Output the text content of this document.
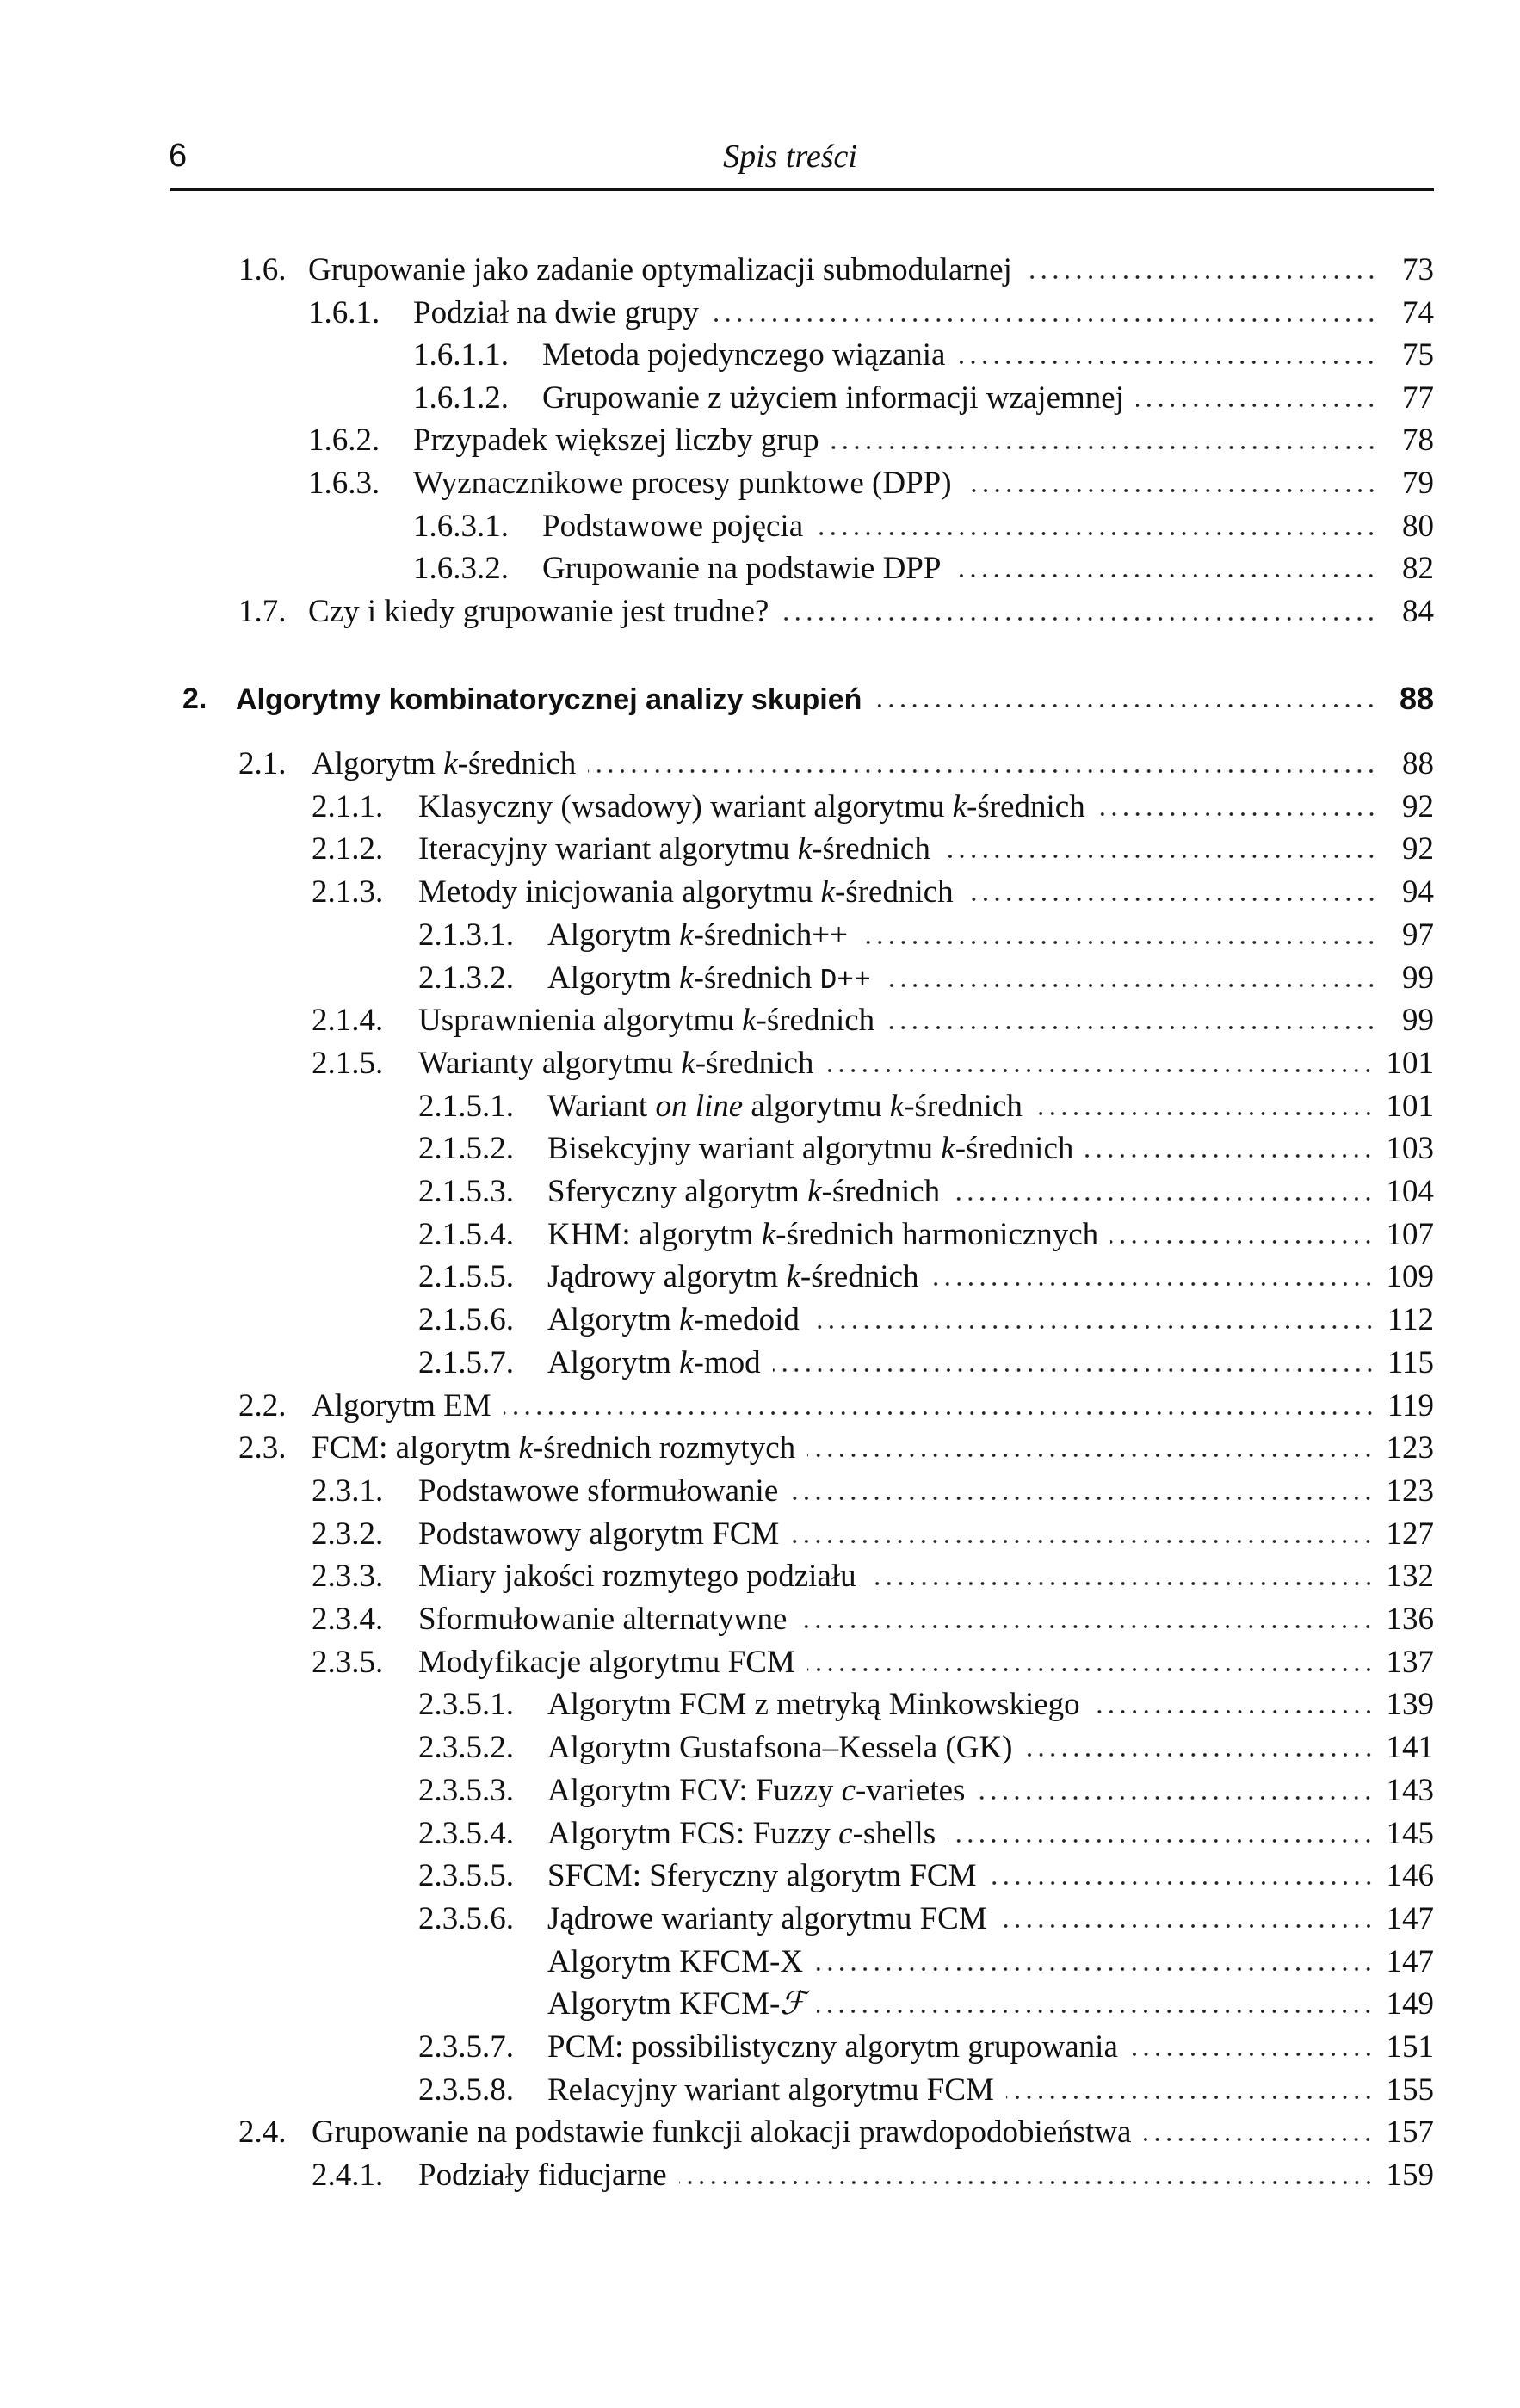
6	Spis treści
1.6. Grupowanie jako zadanie optymalizacji submodularnej	73
1.6.1. Podział na dwie grupy	74
1.6.1.1. Metoda pojedynczego wiązania	75
1.6.1.2. Grupowanie z użyciem informacji wzajemnej	77
1.6.2. Przypadek większej liczby grup	78
1.6.3. Wyznacznikowe procesy punktowe (DPP)	79
1.6.3.1. Podstawowe pojęcia	80
1.6.3.2. Grupowanie na podstawie DPP	82
1.7. Czy i kiedy grupowanie jest trudne?	84
2. Algorytmy kombinatorycznej analizy skupień	88
2.1. Algorytm k-średnich	88
2.1.1. Klasyczny (wsadowy) wariant algorytmu k-średnich	92
2.1.2. Iteracyjny wariant algorytmu k-średnich	92
2.1.3. Metody inicjowania algorytmu k-średnich	94
2.1.3.1. Algorytm k-średnich++	97
2.1.3.2. Algorytm k-średnich D++	99
2.1.4. Usprawnienia algorytmu k-średnich	99
2.1.5. Warianty algorytmu k-średnich	101
2.1.5.1. Wariant on line algorytmu k-średnich	101
2.1.5.2. Bisekcyjny wariant algorytmu k-średnich	103
2.1.5.3. Sferyczny algorytm k-średnich	104
2.1.5.4. KHM: algorytm k-średnich harmonicznych	107
2.1.5.5. Jądrowy algorytm k-średnich	109
2.1.5.6. Algorytm k-medoid	112
2.1.5.7. Algorytm k-mod	115
2.2. Algorytm EM	119
2.3. FCM: algorytm k-średnich rozmytych	123
2.3.1. Podstawowe sformułowanie	123
2.3.2. Podstawowy algorytm FCM	127
2.3.3. Miary jakości rozmytego podziału	132
2.3.4. Sformułowanie alternatywne	136
2.3.5. Modyfikacje algorytmu FCM	137
2.3.5.1. Algorytm FCM z metryką Minkowskiego	139
2.3.5.2. Algorytm Gustafsona–Kessela (GK)	141
2.3.5.3. Algorytm FCV: Fuzzy c-varietes	143
2.3.5.4. Algorytm FCS: Fuzzy c-shells	145
2.3.5.5. SFCM: Sferyczny algorytm FCM	146
2.3.5.6. Jądrowe warianty algorytmu FCM	147
Algorytm KFCM-X	147
Algorytm KFCM-ℱ	149
2.3.5.7. PCM: possibilistyczny algorytm grupowania	151
2.3.5.8. Relacyjny wariant algorytmu FCM	155
2.4. Grupowanie na podstawie funkcji alokacji prawdopodobieństwa	157
2.4.1. Podziały fiducjarne	159
